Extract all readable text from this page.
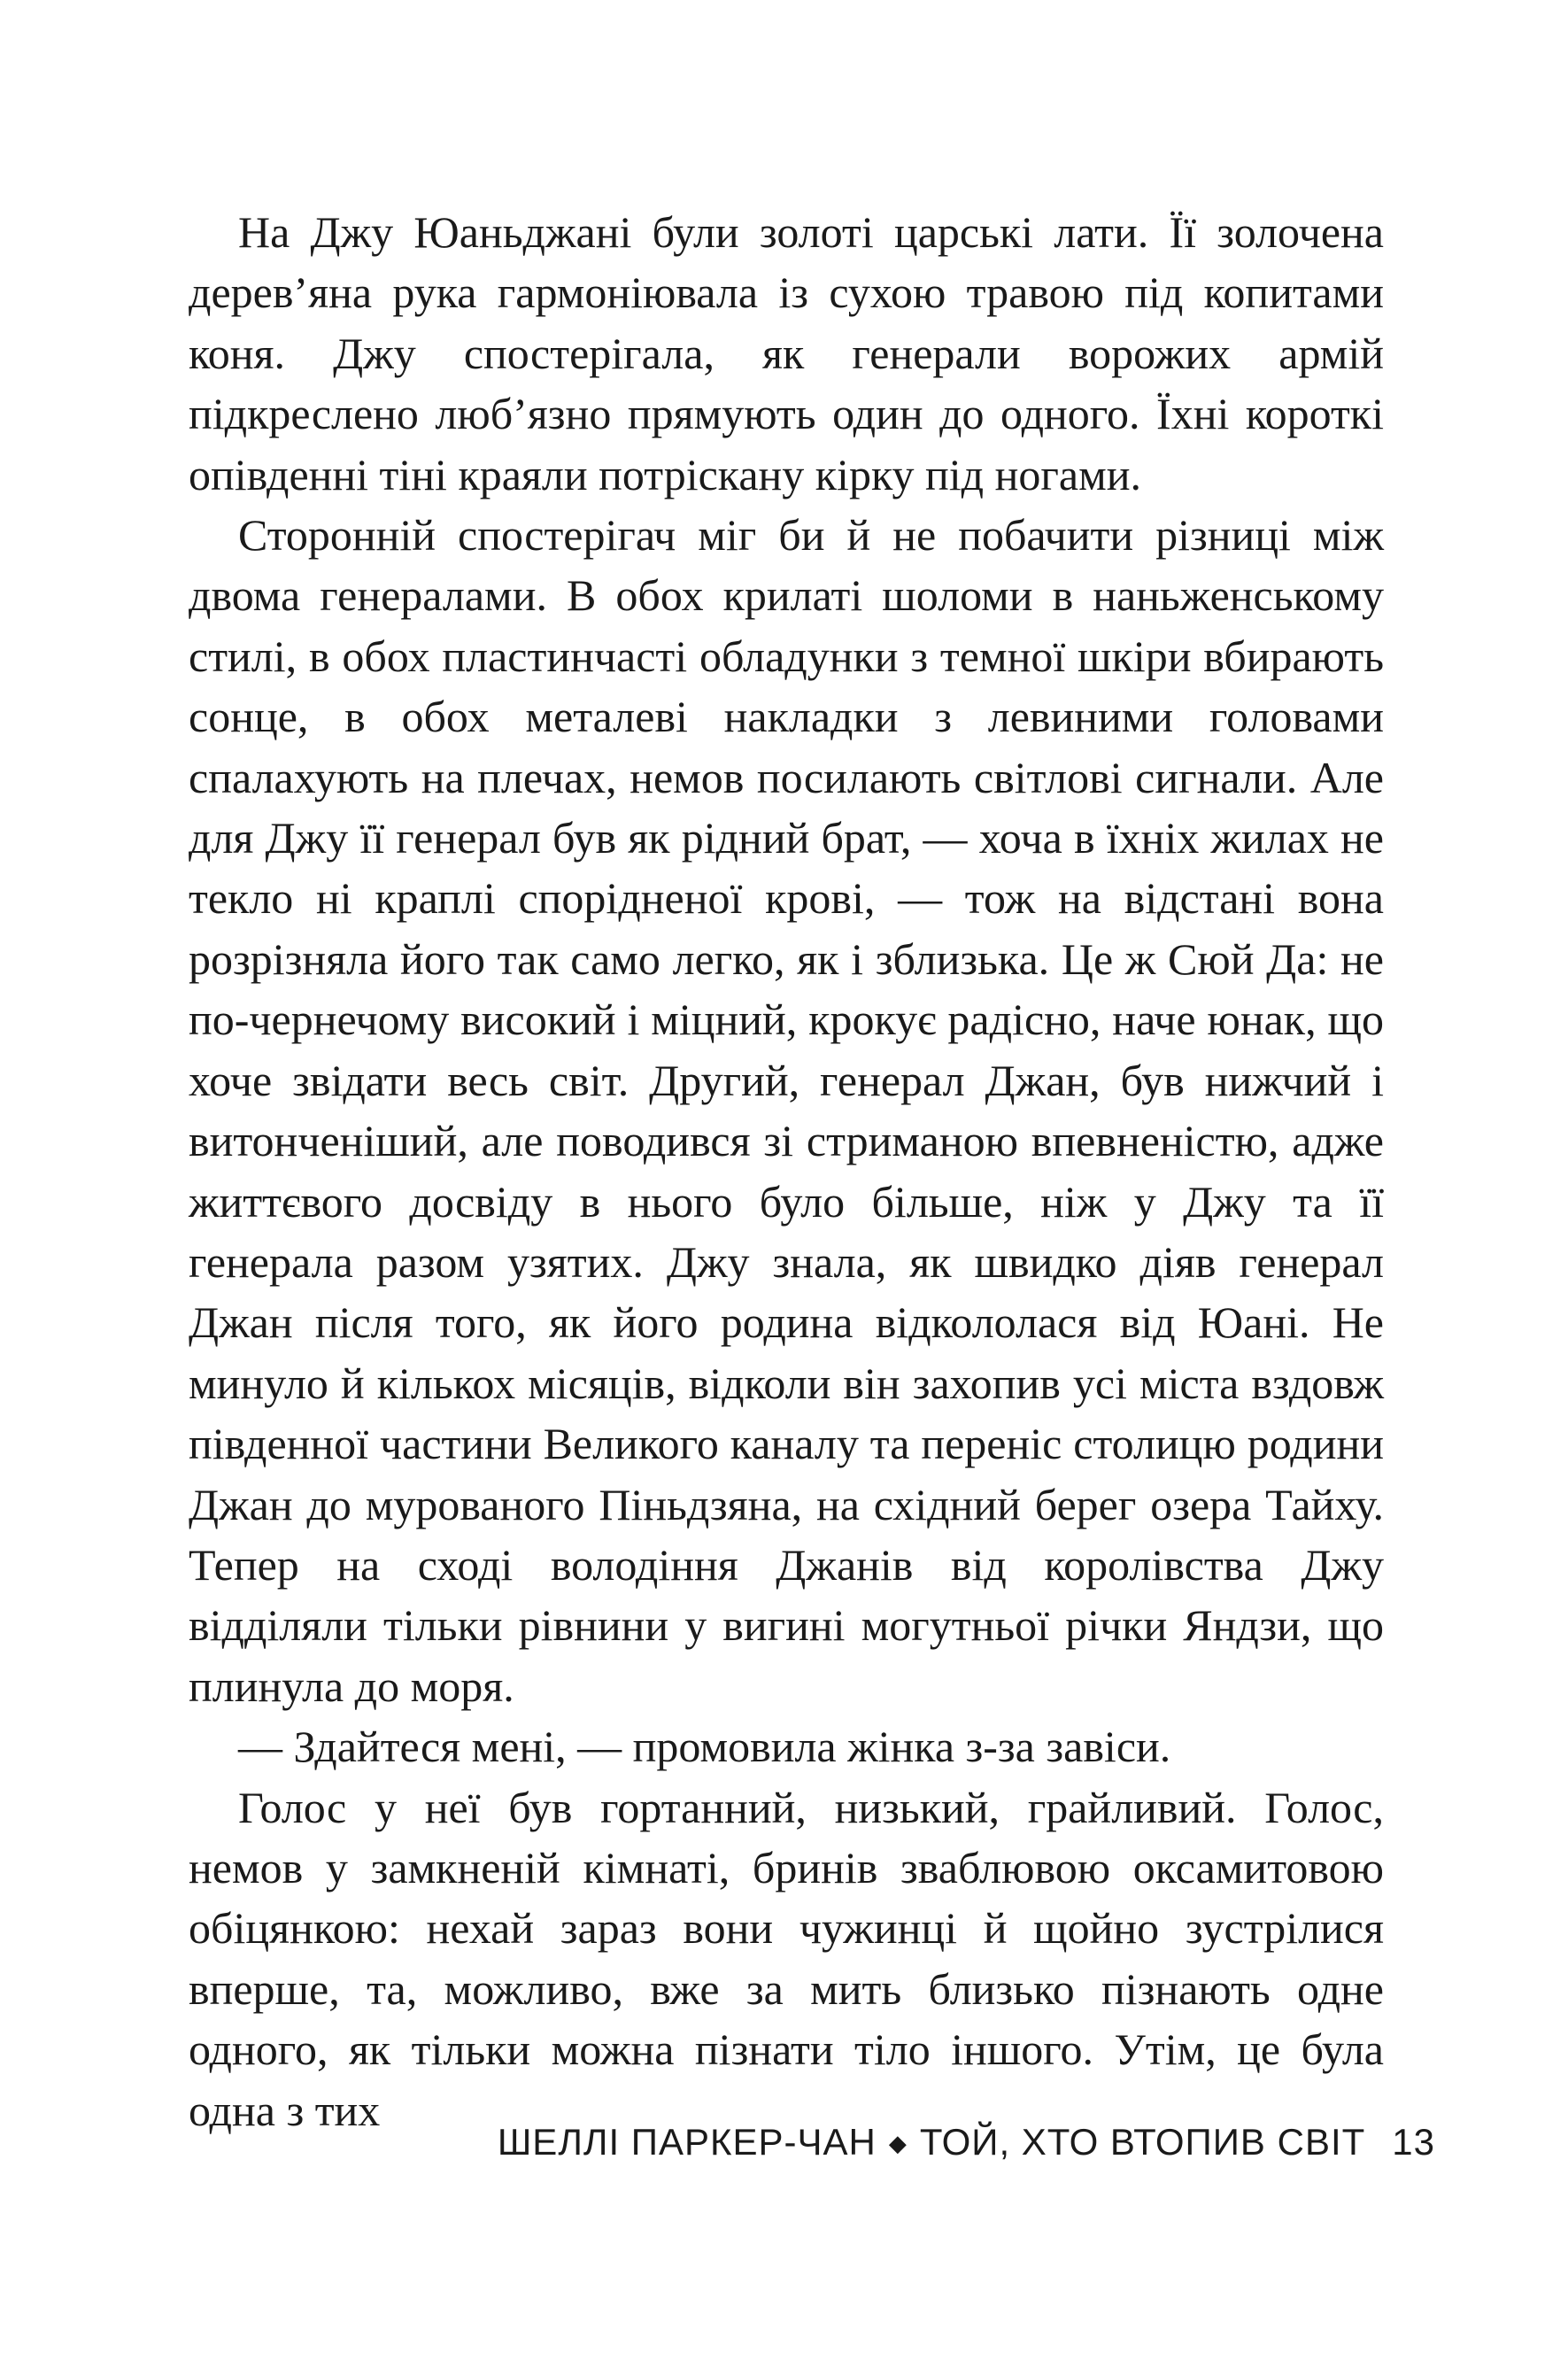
На Джу Юаньджані були золоті царські лати. Її золочена дерев’яна рука гармоніювала із сухою травою під копитами коня. Джу спостерігала, як генерали ворожих армій підкреслено люб’язно прямують один до одного. Їхні короткі опівденні тіні краяли потріскану кірку під ногами.

Сторонній спостерігач міг би й не побачити різниці між двома генералами. В обох крилаті шоломи в наньженському стилі, в обох пластинчасті обладунки з темної шкіри вбирають сонце, в обох металеві накладки з левиними головами спалахують на плечах, немов посилають світлові сигнали. Але для Джу її генерал був як рідний брат, — хоча в їхніх жилах не текло ні краплі спорідненої крові, — тож на відстані вона розрізняла його так само легко, як і зблизька. Це ж Сюй Да: не по-чернечому високий і міцний, крокує радісно, наче юнак, що хоче звідати весь світ. Другий, генерал Джан, був нижчий і витонченіший, але поводився зі стриманою впевненістю, адже життєвого досвіду в нього було більше, ніж у Джу та її генерала разом узятих. Джу знала, як швидко діяв генерал Джан після того, як його родина відкололася від Юані. Не минуло й кількох місяців, відколи він захопив усі міста вздовж південної частини Великого каналу та переніс столицю родини Джан до мурованого Піньдзяна, на східний берег озера Тайху. Тепер на сході володіння Джанів від королівства Джу відділяли тільки рівнини у вигині могутньої річки Яндзи, що плинула до моря.

— Здайтеся мені, — промовила жінка з-за завіси.

Голос у неї був гортанний, низький, грайливий. Голос, немов у замкненій кімнаті, бринів зваблювою оксамитовою обіцянкою: нехай зараз вони чужинці й щойно зустрілися вперше, та, можливо, вже за мить близько пізнають одне одного, як тільки можна пізнати тіло іншого. Утім, це була одна з тих

ШЕЛЛІ ПАРКЕР-ЧАН ◆ ТОЙ, ХТО ВТОПИВ СВІТ 13
